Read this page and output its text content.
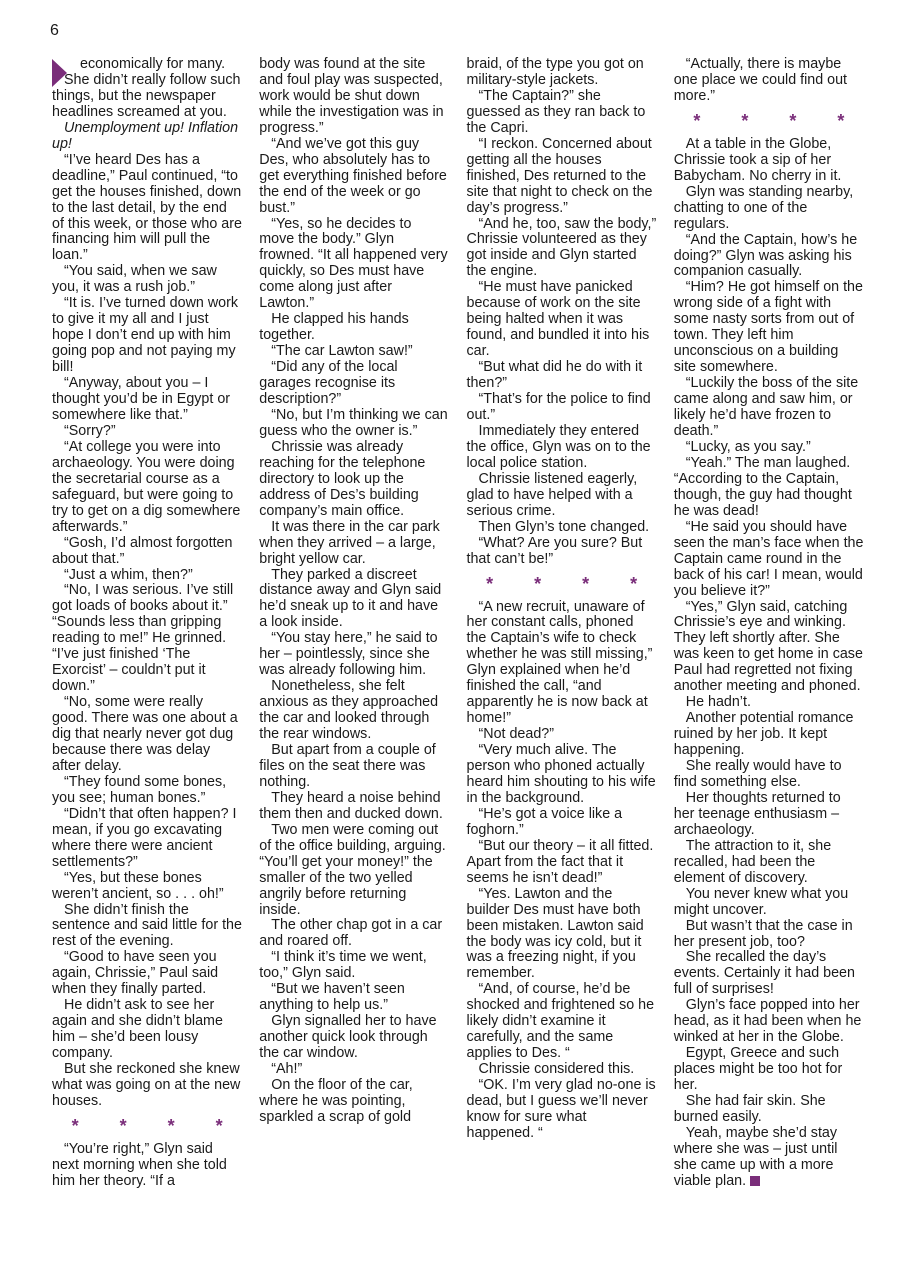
6

economically for many.

She didn’t really follow such things, but the newspaper headlines screamed at you.

Unemployment up! Inflation up!

“I’ve heard Des has a deadline,” Paul continued, “to get the houses finished, down to the last detail, by the end of this week, or those who are financing him will pull the loan.”

“You said, when we saw you, it was a rush job.”

“It is. I’ve turned down work to give it my all and I just hope I don’t end up with him going pop and not paying my bill!

“Anyway, about you – I thought you’d be in Egypt or somewhere like that.”

“Sorry?”

“At college you were into archaeology. You were doing the secretarial course as a safeguard, but were going to try to get on a dig somewhere afterwards.”

“Gosh, I’d almost forgotten about that.”

“Just a whim, then?”

“No, I was serious. I’ve still got loads of books about it.”

“Sounds less than gripping reading to me!” He grinned. “I’ve just finished ‘The Exorcist’ – couldn’t put it down.”

“No, some were really good. There was one about a dig that nearly never got dug because there was delay after delay.

“They found some bones, you see; human bones.”

“Didn’t that often happen? I mean, if you go excavating where there were ancient settlements?”

“Yes, but these bones weren’t ancient, so . . . oh!”

She didn’t finish the sentence and said little for the rest of the evening.

“Good to have seen you again, Chrissie,” Paul said when they finally parted.

He didn’t ask to see her again and she didn’t blame him – she’d been lousy company.

But she reckoned she knew what was going on at the new houses.

* * * *

“You’re right,” Glyn said next morning when she told him her theory. “If a

body was found at the site and foul play was suspected, work would be shut down while the investigation was in progress.”

“And we’ve got this guy Des, who absolutely has to get everything finished before the end of the week or go bust.”

“Yes, so he decides to move the body.” Glyn frowned. “It all happened very quickly, so Des must have come along just after Lawton.”

He clapped his hands together.

“The car Lawton saw!”

“Did any of the local garages recognise its description?”

“No, but I’m thinking we can guess who the owner is.”

Chrissie was already reaching for the telephone directory to look up the address of Des’s building company’s main office.

It was there in the car park when they arrived – a large, bright yellow car.

They parked a discreet distance away and Glyn said he’d sneak up to it and have a look inside.

“You stay here,” he said to her – pointlessly, since she was already following him.

Nonetheless, she felt anxious as they approached the car and looked through the rear windows.

But apart from a couple of files on the seat there was nothing.

They heard a noise behind them then and ducked down.

Two men were coming out of the office building, arguing.

“You’ll get your money!” the smaller of the two yelled angrily before returning inside.

The other chap got in a car and roared off.

“I think it’s time we went, too,” Glyn said.

“But we haven’t seen anything to help us.”

Glyn signalled her to have another quick look through the car window.

“Ah!”

On the floor of the car, where he was pointing, sparkled a scrap of gold

braid, of the type you got on military-style jackets.

“The Captain?” she guessed as they ran back to the Capri.

“I reckon. Concerned about getting all the houses finished, Des returned to the site that night to check on the day’s progress.”

“And he, too, saw the body,” Chrissie volunteered as they got inside and Glyn started the engine.

“He must have panicked because of work on the site being halted when it was found, and bundled it into his car.

“But what did he do with it then?”

“That’s for the police to find out.”

Immediately they entered the office, Glyn was on to the local police station.

Chrissie listened eagerly, glad to have helped with a serious crime.

Then Glyn’s tone changed.

“What? Are you sure? But that can’t be!”

* * * *

“A new recruit, unaware of her constant calls, phoned the Captain’s wife to check whether he was still missing,” Glyn explained when he’d finished the call, “and apparently he is now back at home!”

“Not dead?”

“Very much alive. The person who phoned actually heard him shouting to his wife in the background.

“He’s got a voice like a foghorn.”

“But our theory – it all fitted. Apart from the fact that it seems he isn’t dead!”

“Yes. Lawton and the builder Des must have both been mistaken. Lawton said the body was icy cold, but it was a freezing night, if you remember.

“And, of course, he’d be shocked and frightened so he likely didn’t examine it carefully, and the same applies to Des. “

Chrissie considered this.

“OK. I’m very glad no-one is dead, but I guess we’ll never know for sure what happened. “

“Actually, there is maybe one place we could find out more.”

* * * *

At a table in the Globe, Chrissie took a sip of her Babycham. No cherry in it.

Glyn was standing nearby, chatting to one of the regulars.

“And the Captain, how’s he doing?” Glyn was asking his companion casually.

“Him? He got himself on the wrong side of a fight with some nasty sorts from out of town. They left him unconscious on a building site somewhere.

“Luckily the boss of the site came along and saw him, or likely he’d have frozen to death.”

“Lucky, as you say.”

“Yeah.” The man laughed. “According to the Captain, though, the guy had thought he was dead!

“He said you should have seen the man’s face when the Captain came round in the back of his car! I mean, would you believe it?”

“Yes,” Glyn said, catching Chrissie’s eye and winking.

They left shortly after. She was keen to get home in case Paul had regretted not fixing another meeting and phoned.

He hadn’t.

Another potential romance ruined by her job. It kept happening.

She really would have to find something else.

Her thoughts returned to her teenage enthusiasm – archaeology.

The attraction to it, she recalled, had been the element of discovery.

You never knew what you might uncover.

But wasn’t that the case in her present job, too?

She recalled the day’s events. Certainly it had been full of surprises!

Glyn’s face popped into her head, as it had been when he winked at her in the Globe.

Egypt, Greece and such places might be too hot for her.

She had fair skin. She burned easily.

Yeah, maybe she’d stay where she was – just until she came up with a more viable plan.
